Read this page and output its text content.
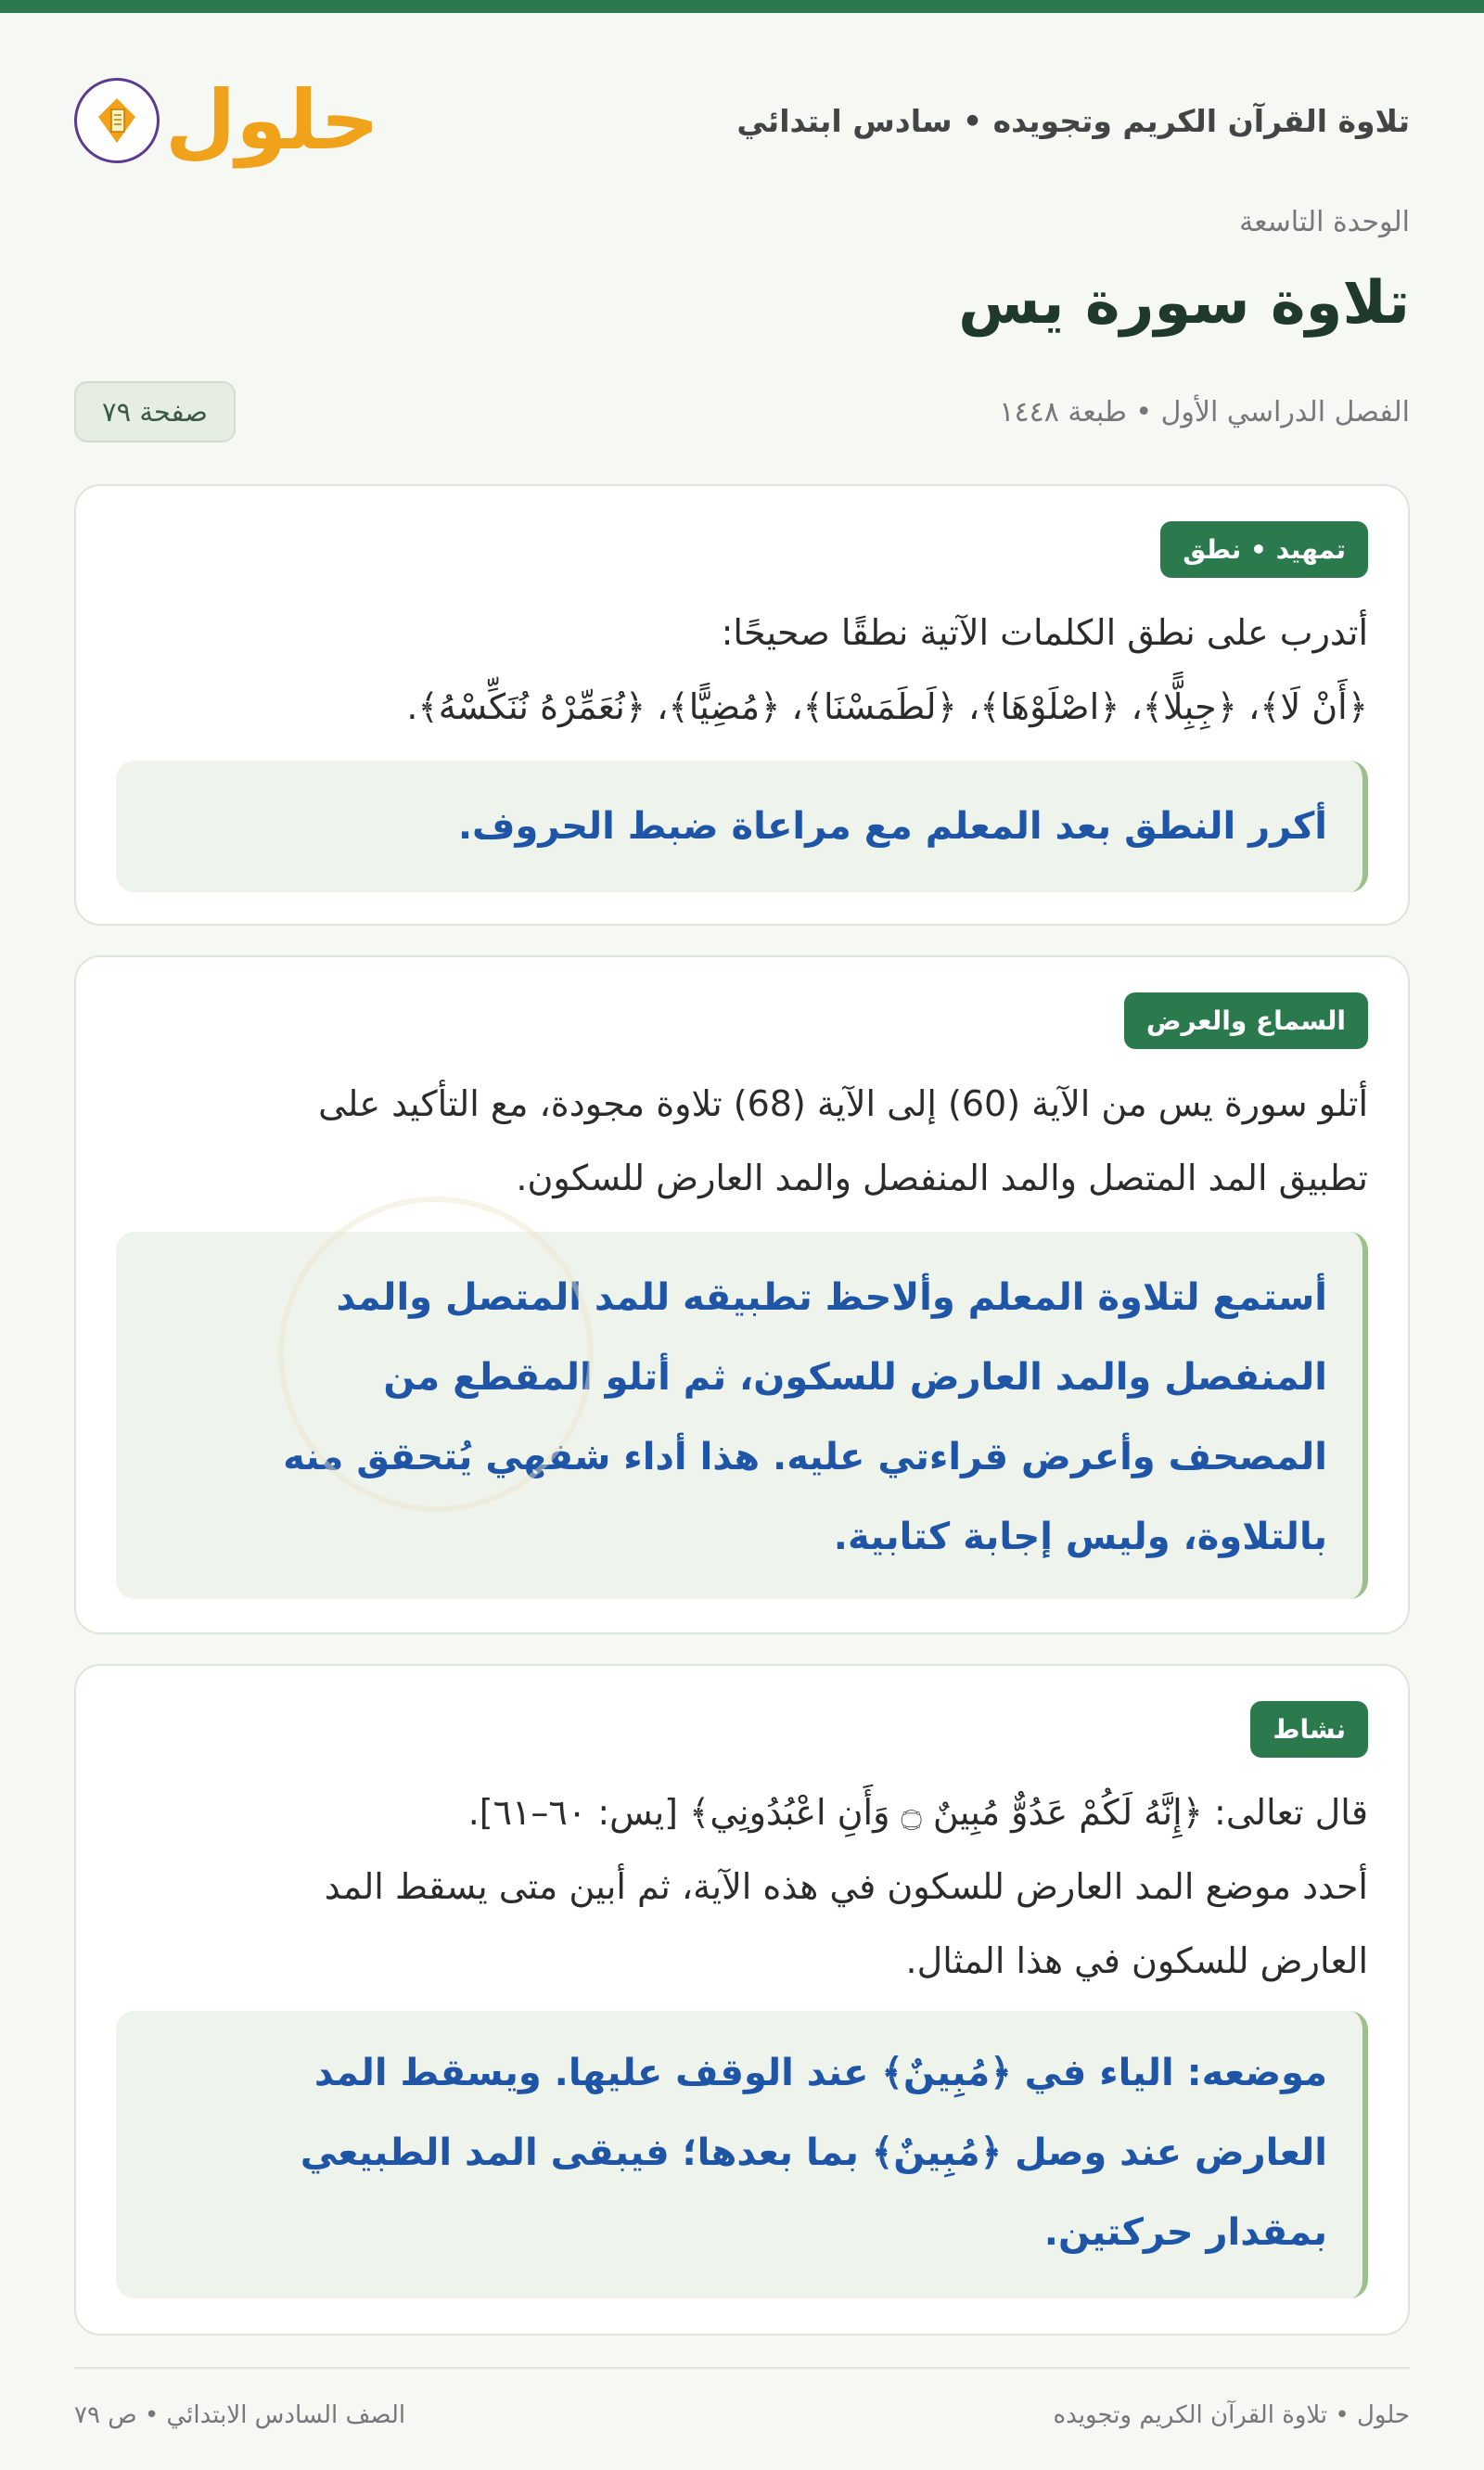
تلاوة القرآن الكريم وتجويده • سادس ابتدائي
حلول
الوحدة التاسعة
تلاوة سورة يس
الفصل الدراسي الأول • طبعة ١٤٤٨
صفحة ٧٩
تمهيد • نطق
أتدرب على نطق الكلمات الآتية نطقًا صحيحًا:
﴿أَنْ لَا﴾، ﴿جِبِلًّا﴾، ﴿اصْلَوْهَا﴾، ﴿لَطَمَسْنَا﴾، ﴿مُضِيًّا﴾، ﴿نُعَمِّرْهُ نُنَكِّسْهُ﴾.
أكرر النطق بعد المعلم مع مراعاة ضبط الحروف.
السماع والعرض
أتلو سورة يس من الآية (60) إلى الآية (68) تلاوة مجودة، مع التأكيد على
تطبيق المد المتصل والمد المنفصل والمد العارض للسكون.
أستمع لتلاوة المعلم وألاحظ تطبيقه للمد المتصل والمد
المنفصل والمد العارض للسكون، ثم أتلو المقطع من
المصحف وأعرض قراءتي عليه. هذا أداء شفهي يُتحقق منه
بالتلاوة، وليس إجابة كتابية.
نشاط
قال تعالى: ﴿إِنَّهُ لَكُمْ عَدُوٌّ مُبِينٌ ۝ وَأَنِ اعْبُدُونِي﴾ [يس: ٦٠–٦١].
أحدد موضع المد العارض للسكون في هذه الآية، ثم أبين متى يسقط المد
العارض للسكون في هذا المثال.
موضعه: الياء في ﴿مُبِينٌ﴾ عند الوقف عليها. ويسقط المد
العارض عند وصل ﴿مُبِينٌ﴾ بما بعدها؛ فيبقى المد الطبيعي
بمقدار حركتين.
حلول • تلاوة القرآن الكريم وتجويده
الصف السادس الابتدائي • ص ٧٩
